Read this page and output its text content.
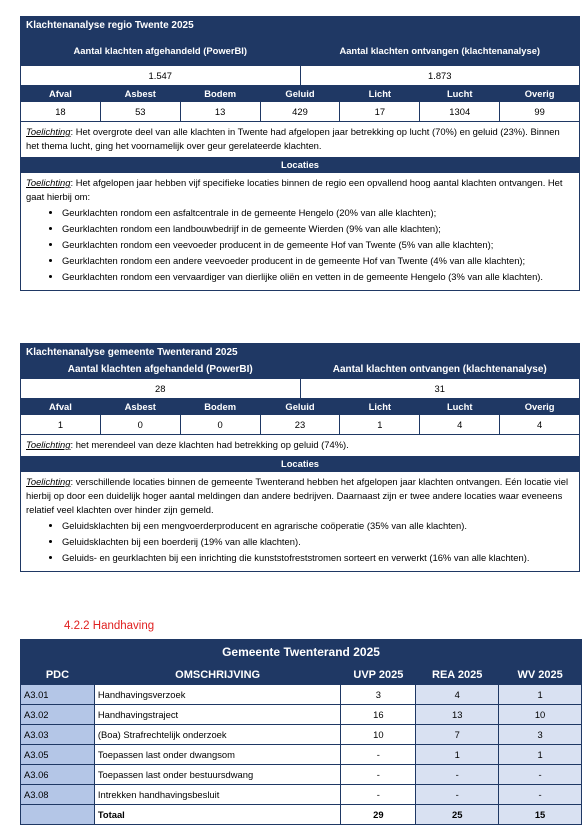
Klachtenanalyse regio Twente 2025
Aantal klachten afgehandeld (PowerBI)	Aantal klachten ontvangen (klachtenanalyse)
1.547	1.873
Afval	Asbest	Bodem	Geluid	Licht	Lucht	Overig
18	53	13	429	17	1304	99
Toelichting: Het overgrote deel van alle klachten in Twente had afgelopen jaar betrekking op lucht (70%) en geluid (23%). Binnen het thema lucht, ging het voornamelijk over geur gerelateerde klachten.
Locaties
Toelichting: Het afgelopen jaar hebben vijf specifieke locaties binnen de regio een opvallend hoog aantal klachten ontvangen. Het gaat hierbij om:
• Geurklachten rondom een asfaltcentrale in de gemeente Hengelo (20% van alle klachten);
• Geurklachten rondom een landbouwbedrijf in de gemeente Wierden (9% van alle klachten);
• Geurklachten rondom een veevoeder producent in de gemeente Hof van Twente (5% van alle klachten);
• Geurklachten rondom een andere veevoeder producent in de gemeente Hof van Twente (4% van alle klachten);
• Geurklachten rondom een vervaardiger van dierlijke oliën en vetten in de gemeente Hengelo (3% van alle klachten).
Klachtenanalyse gemeente Twenterand 2025
Aantal klachten afgehandeld (PowerBI)	Aantal klachten ontvangen (klachtenanalyse)
28	31
Afval	Asbest	Bodem	Geluid	Licht	Lucht	Overig
1	0	0	23	1	4	4
Toelichting: het merendeel van deze klachten had betrekking op geluid (74%).
Locaties
Toelichting: verschillende locaties binnen de gemeente Twenterand hebben het afgelopen jaar klachten ontvangen. Eén locatie viel hierbij op door een duidelijk hoger aantal meldingen dan andere bedrijven. Daarnaast zijn er twee andere locaties waar eveneens relatief veel klachten over hinder zijn gemeld.
• Geluidsklachten bij een mengvoerderproducent en agrarische coöperatie (35% van alle klachten).
• Geluidsklachten bij een boerderij (19% van alle klachten).
• Geluids- en geurklachten bij een inrichting die kunststofreststromen sorteert en verwerkt (16% van alle klachten).
4.2.2 Handhaving
Gemeente Twenterand 2025				
PDC	OMSCHRIJVING	UVP 2025	REA 2025	WV 2025
A3.01	Handhavingsverzoek	3	4	1
A3.02	Handhavingstraject	16	13	10
A3.03	(Boa) Strafrechtelijk onderzoek	10	7	3
A3.05	Toepassen last onder dwangsom	-	1	1
A3.06	Toepassen last onder bestuursdwang	-	-	-
A3.08	Intrekken handhavingsbesluit	-	-	-
	Totaal	29	25	15
